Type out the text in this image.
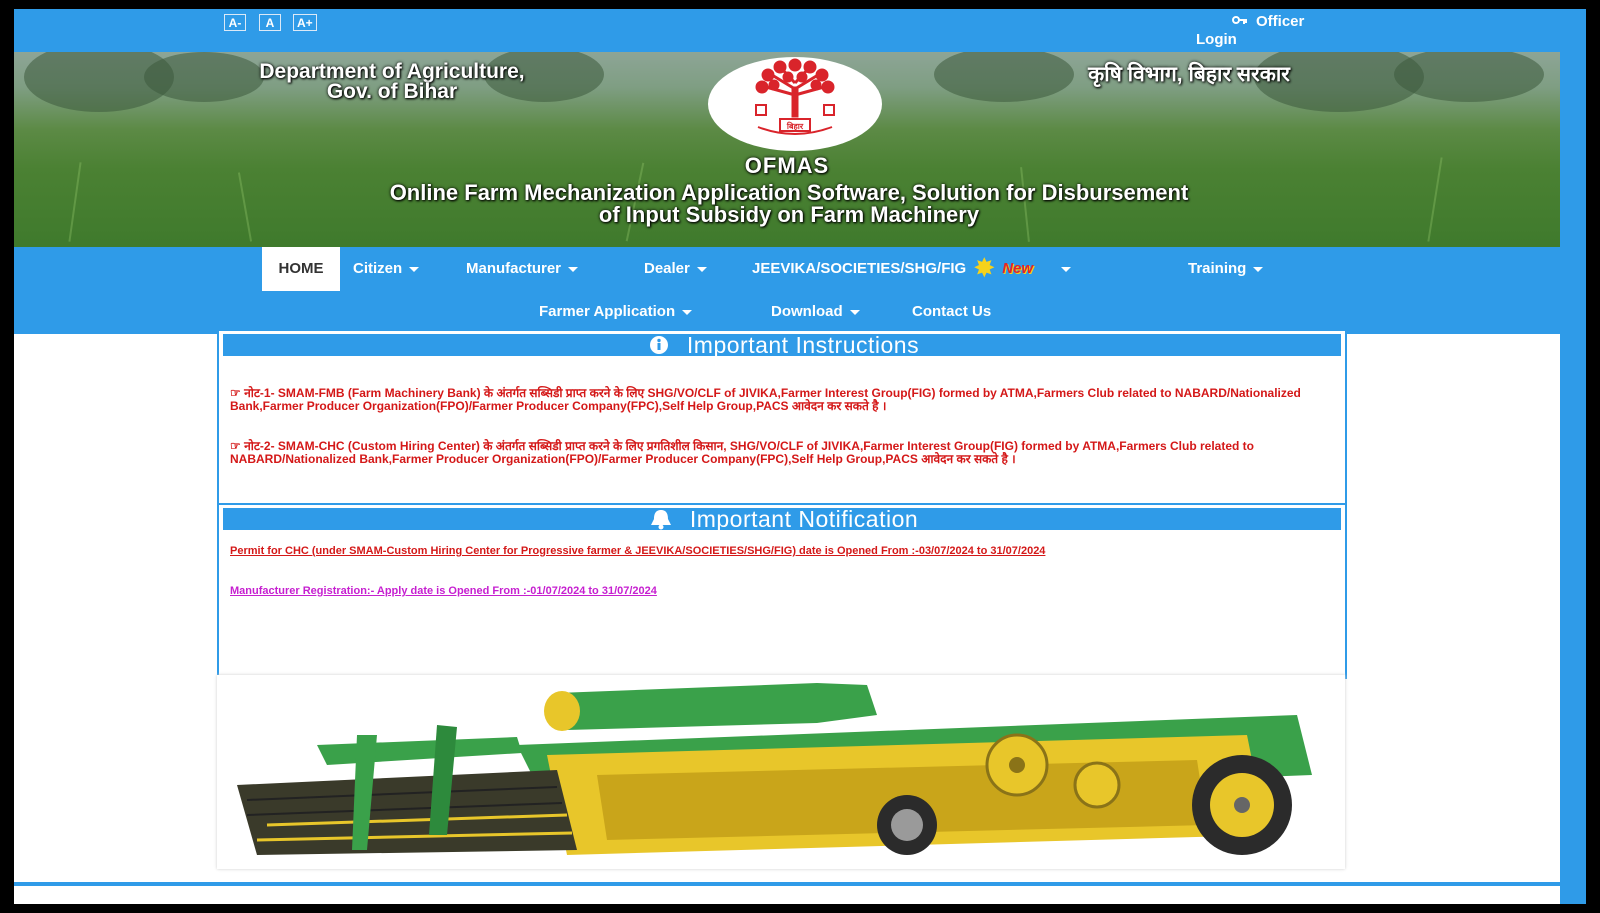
A-	A	A+	Officer
Login
Department of Agriculture, Gov. of Bihar
कृषि विभाग, बिहार सरकार
बिहार
OFMAS
Online Farm Mechanization Application Software, Solution for Disbursement
of Input Subsidy on Farm Machinery
HOME	Citizen	Manufacturer	Dealer	JEEVIKA/SOCIETIES/SHG/FIG ✸ New	Training
Farmer Application	Download	Contact Us
Important Instructions
☞ नोट-1- SMAM-FMB (Farm Machinery Bank) के अंतर्गत सब्सिडी प्राप्त करने के लिए SHG/VO/CLF of JIVIKA,Farmer Interest Group(FIG) formed by ATMA,Farmers Club related to NABARD/Nationalized Bank,Farmer Producer Organization(FPO)/Farmer Producer Company(FPC),Self Help Group,PACS आवेदन कर सकते है ।
☞ नोट-2- SMAM-CHC (Custom Hiring Center) के अंतर्गत सब्सिडी प्राप्त करने के लिए प्रगतिशील किसान, SHG/VO/CLF of JIVIKA,Farmer Interest Group(FIG) formed by ATMA,Farmers Club related to NABARD/Nationalized Bank,Farmer Producer Organization(FPO)/Farmer Producer Company(FPC),Self Help Group,PACS आवेदन कर सकते है ।
Important Notification
Permit for CHC (under SMAM-Custom Hiring Center for Progressive farmer & JEEVIKA/SOCIETIES/SHG/FIG) date is Opened From :-03/07/2024 to 31/07/2024
Manufacturer Registration:- Apply date is Opened From :-01/07/2024 to 31/07/2024
